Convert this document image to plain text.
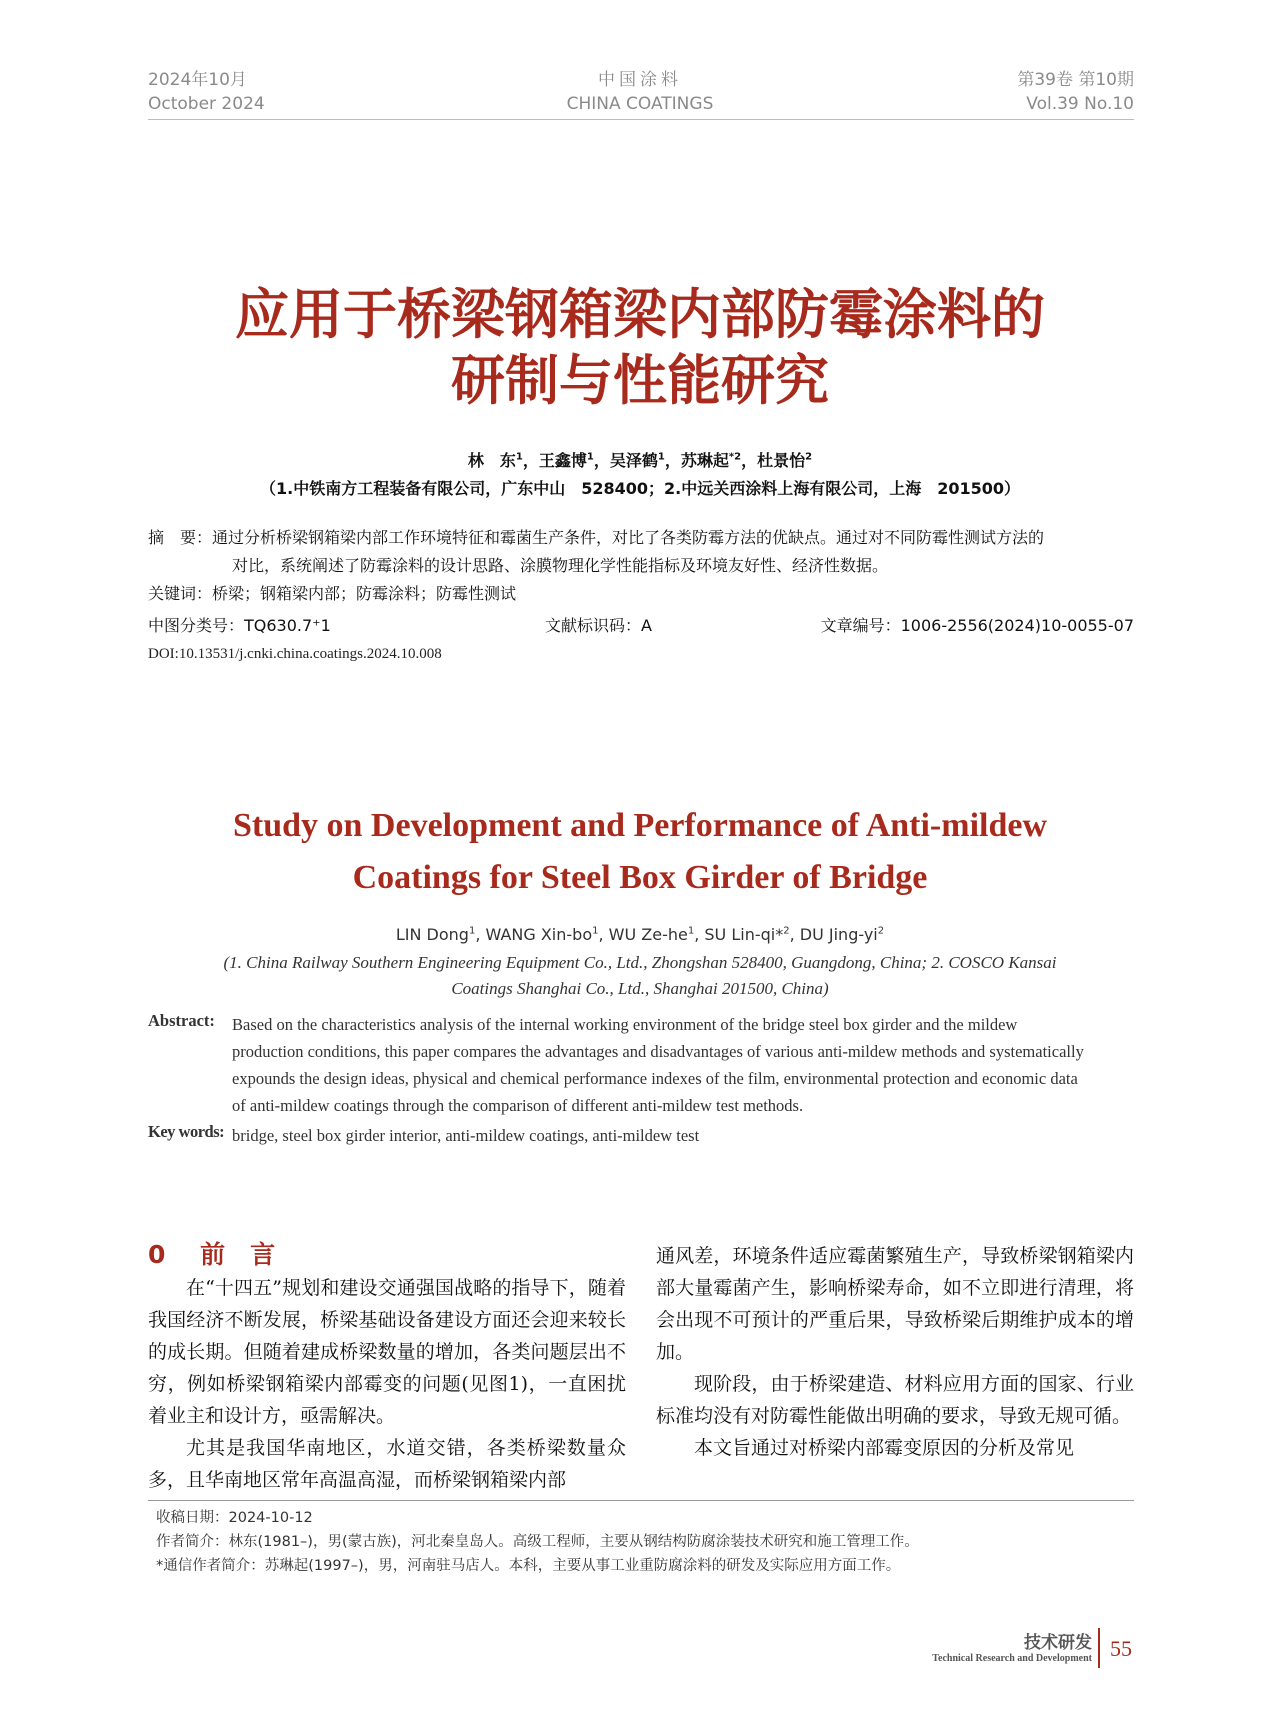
2024年10月
October 2024
中国涂料
CHINA COATINGS
第39卷 第10期
Vol.39 No.10
应用于桥梁钢箱梁内部防霉涂料的
研制与性能研究
林　东$^1$，王鑫博$^1$，吴泽鹤$^1$，苏琳起$^{*2}$，杜景怡$^2$
（1.中铁南方工程装备有限公司，广东中山　528400；2.中远关西涂料上海有限公司，上海　201500）
摘　要：通过分析桥梁钢箱梁内部工作环境特征和霉菌生产条件，对比了各类防霉方法的优缺点。通过对不同防霉性测试方法的
对比，系统阐述了防霉涂料的设计思路、涂膜物理化学性能指标及环境友好性、经济性数据。
关键词：桥梁；钢箱梁内部；防霉涂料；防霉性测试
中图分类号：TQ630.7⁺1	文献标识码：A	文章编号：1006-2556(2024)10-0055-07
DOI:10.13531/j.cnki.china.coatings.2024.10.008
Study on Development and Performance of Anti-mildew
Coatings for Steel Box Girder of Bridge
LIN Dong$^1$, WANG Xin-$bo^1$, WU $Ze-he^1$, SU Lin-qi*$^2$, DU Jing-$yi^2$
(1. China Railway Southern Engineering Equipment Co., Ltd., Zhongshan 528400, Guangdong, China; 2. COSCO Kansai
Coatings Shanghai Co., Ltd., Shanghai 201500, China)
Abstract: Based on the characteristics analysis of the internal working environment of the bridge steel box girder and the mildew
production conditions, this paper compares the advantages and disadvantages of various anti-mildew methods and systematically
expounds the design ideas, physical and chemical performance indexes of the film, environmental protection and economic data
of anti-mildew coatings through the comparison of different anti-mildew test methods.
Key words: bridge, steel box girder interior, anti-mildew coatings, anti-mildew test
0 前　言

在“十四五”规划和建设交通强国战略的指导下，随着我国经济不断发展，桥梁基础设备建设方面还会迎来较长的成长期。但随着建成桥梁数量的增加，各类问题层出不穷，例如桥梁钢箱梁内部霉变的问题(见图1)，一直困扰着业主和设计方，亟需解决。

尤其是我国华南地区，水道交错，各类桥梁数量众多，且华南地区常年高温高湿，而桥梁钢箱梁内部

通风差，环境条件适应霉菌繁殖生产，导致桥梁钢箱梁内部大量霉菌产生，影响桥梁寿命，如不立即进行清理，将会出现不可预计的严重后果，导致桥梁后期维护成本的增加。

现阶段，由于桥梁建造、材料应用方面的国家、行业标准均没有对防霉性能做出明确的要求，导致无规可循。

本文旨通过对桥梁内部霉变原因的分析及常见

收稿日期：2024-10-12
作者简介：林东(1981–)，男(蒙古族)，河北秦皇岛人。高级工程师，主要从钢结构防腐涂装技术研究和施工管理工作。
*通信作者简介：苏琳起(1997–)，男，河南驻马店人。本科，主要从事工业重防腐涂料的研发及实际应用方面工作。
技术研发
Technical Research and Development 55
